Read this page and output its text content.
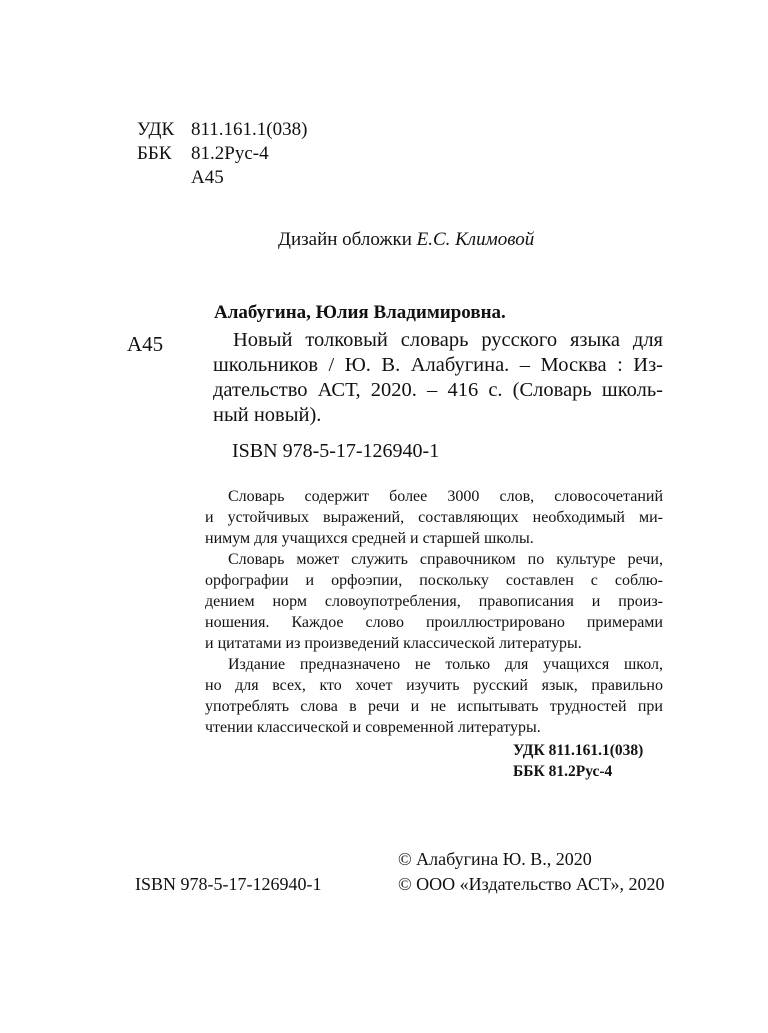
УДК 811.161.1(038)
ББК 81.2Рус-4
А45
Дизайн обложки Е.С. Климовой
Алабугина, Юлия Владимировна.
А45	Новый толковый словарь русского языка для
школьников / Ю. В. Алабугина. – Москва : Из-
дательство АСТ, 2020. – 416 с. (Словарь школь-
ный новый).
ISBN 978-5-17-126940-1
Словарь содержит более 3000 слов, словосочетаний
и устойчивых выражений, составляющих необходимый ми-
нимум для учащихся средней и старшей школы.
Словарь может служить справочником по культуре речи,
орфографии и орфоэпии, поскольку составлен с соблю-
дением норм словоупотребления, правописания и произ-
ношения. Каждое слово проиллюстрировано примерами
и цитатами из произведений классической литературы.
Издание предназначено не только для учащихся школ,
но для всех, кто хочет изучить русский язык, правильно
употреблять слова в речи и не испытывать трудностей при
чтении классической и современной литературы.
УДК 811.161.1(038)
ББК 81.2Рус-4
© Алабугина Ю. В., 2020
ISBN 978-5-17-126940-1	© ООО «Издательство АСТ», 2020
